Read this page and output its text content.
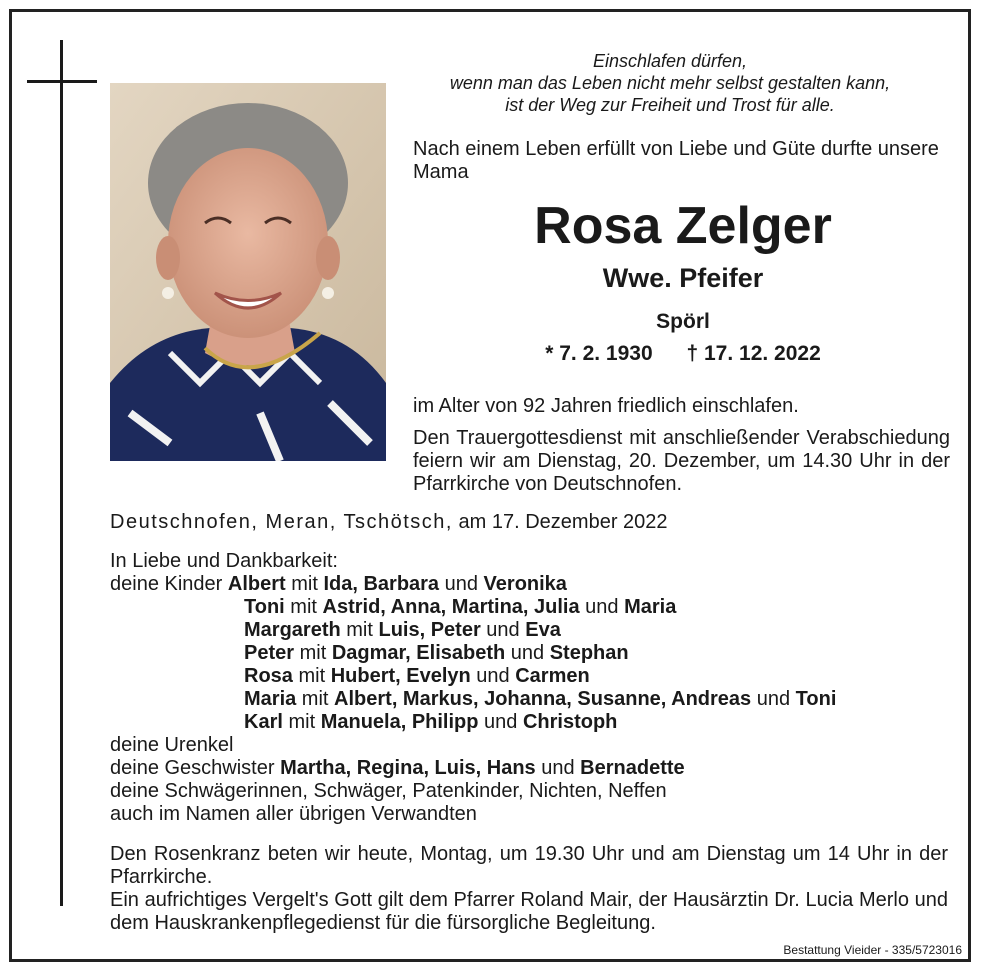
Einschlafen dürfen,
wenn man das Leben nicht mehr selbst gestalten kann,
ist der Weg zur Freiheit und Trost für alle.
Nach einem Leben erfüllt von Liebe und Güte durfte unsere Mama
Rosa Zelger
Wwe. Pfeifer
Spörl
* 7. 2. 1930 † 17. 12. 2022
im Alter von 92 Jahren friedlich einschlafen.
Den Trauergottesdienst mit anschließender Verabschiedung feiern wir am Dienstag, 20. Dezember, um 14.30 Uhr in der Pfarrkirche von Deutschnofen.
Deutschnofen, Meran, Tschötsch, am 17. Dezember 2022
In Liebe und Dankbarkeit:
deine Kinder Albert mit Ida, Barbara und Veronika
Toni mit Astrid, Anna, Martina, Julia und Maria
Margareth mit Luis, Peter und Eva
Peter mit Dagmar, Elisabeth und Stephan
Rosa mit Hubert, Evelyn und Carmen
Maria mit Albert, Markus, Johanna, Susanne, Andreas und Toni
Karl mit Manuela, Philipp und Christoph
deine Urenkel
deine Geschwister Martha, Regina, Luis, Hans und Bernadette
deine Schwägerinnen, Schwäger, Patenkinder, Nichten, Neffen
auch im Namen aller übrigen Verwandten
Den Rosenkranz beten wir heute, Montag, um 19.30 Uhr und am Dienstag um 14 Uhr in der Pfarrkirche.
Ein aufrichtiges Vergelt's Gott gilt dem Pfarrer Roland Mair, der Hausärztin Dr. Lucia Merlo und dem Hauskrankenpflegedienst für die fürsorgliche Begleitung.
Bestattung Vieider - 335/5723016
